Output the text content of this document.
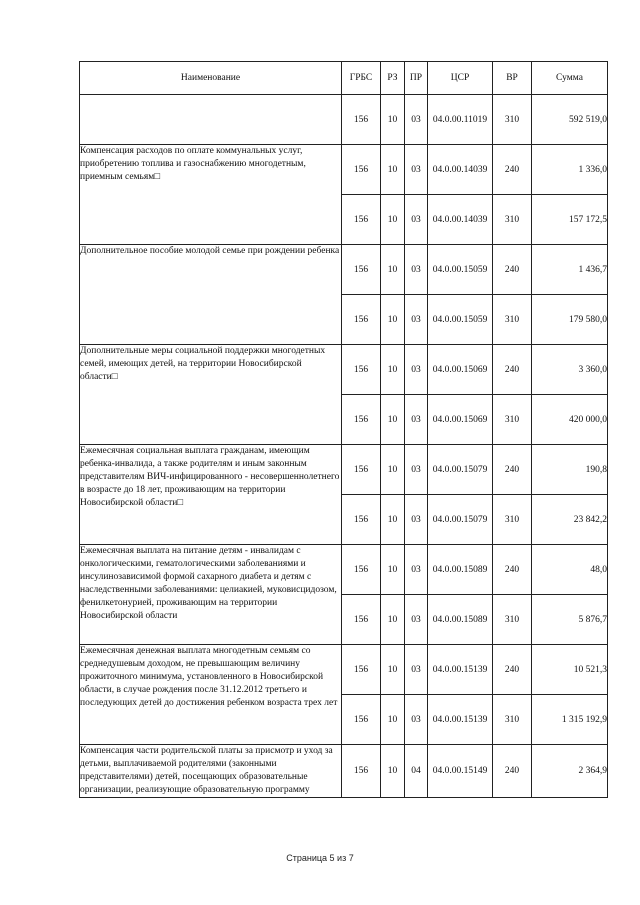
Наименование	ГРБС	РЗ	ПР	ЦСР	ВР	Сумма
	156	10	03	04.0.00.11019	310	592 519,0
Компенсация расходов по оплате коммунальных услуг, приобретению топлива и газоснабжению многодетным, приемным семьям□	156	10	03	04.0.00.14039	240	1 336,0
	156	10	03	04.0.00.14039	310	157 172,5
Дополнительное пособие молодой семье при рождении ребенка	156	10	03	04.0.00.15059	240	1 436,7
	156	10	03	04.0.00.15059	310	179 580,0
Дополнительные меры социальной поддержки многодетных семей, имеющих детей, на территории Новосибирской области□	156	10	03	04.0.00.15069	240	3 360,0
	156	10	03	04.0.00.15069	310	420 000,0
Ежемесячная социальная выплата гражданам, имеющим ребенка-инвалида, а также родителям и иным законным представителям ВИЧ-инфицированного - несовершеннолетнего в возрасте до 18 лет, проживающим на территории Новосибирской области□	156	10	03	04.0.00.15079	240	190,8
	156	10	03	04.0.00.15079	310	23 842,2
Ежемесячная выплата на питание детям - инвалидам с онкологическими, гематологическими заболеваниями и инсулинозависимой формой сахарного диабета и детям с наследственными заболеваниями: целиакией, муковисцидозом, фенилкетонурией, проживающим на территории Новосибирской области	156	10	03	04.0.00.15089	240	48,0
	156	10	03	04.0.00.15089	310	5 876,7
Ежемесячная денежная выплата многодетным семьям со среднедушевым доходом, не превышающим величину прожиточного минимума, установленного в Новосибирской области, в случае рождения после 31.12.2012 третьего и последующих детей до достижения ребенком возраста трех лет	156	10	03	04.0.00.15139	240	10 521,3
	156	10	03	04.0.00.15139	310	1 315 192,9
Компенсация части родительской платы за присмотр и уход за детьми, выплачиваемой родителями (законными представителями) детей, посещающих образовательные организации, реализующие образовательную программу	156	10	04	04.0.00.15149	240	2 364,9
Страница 5 из 7
